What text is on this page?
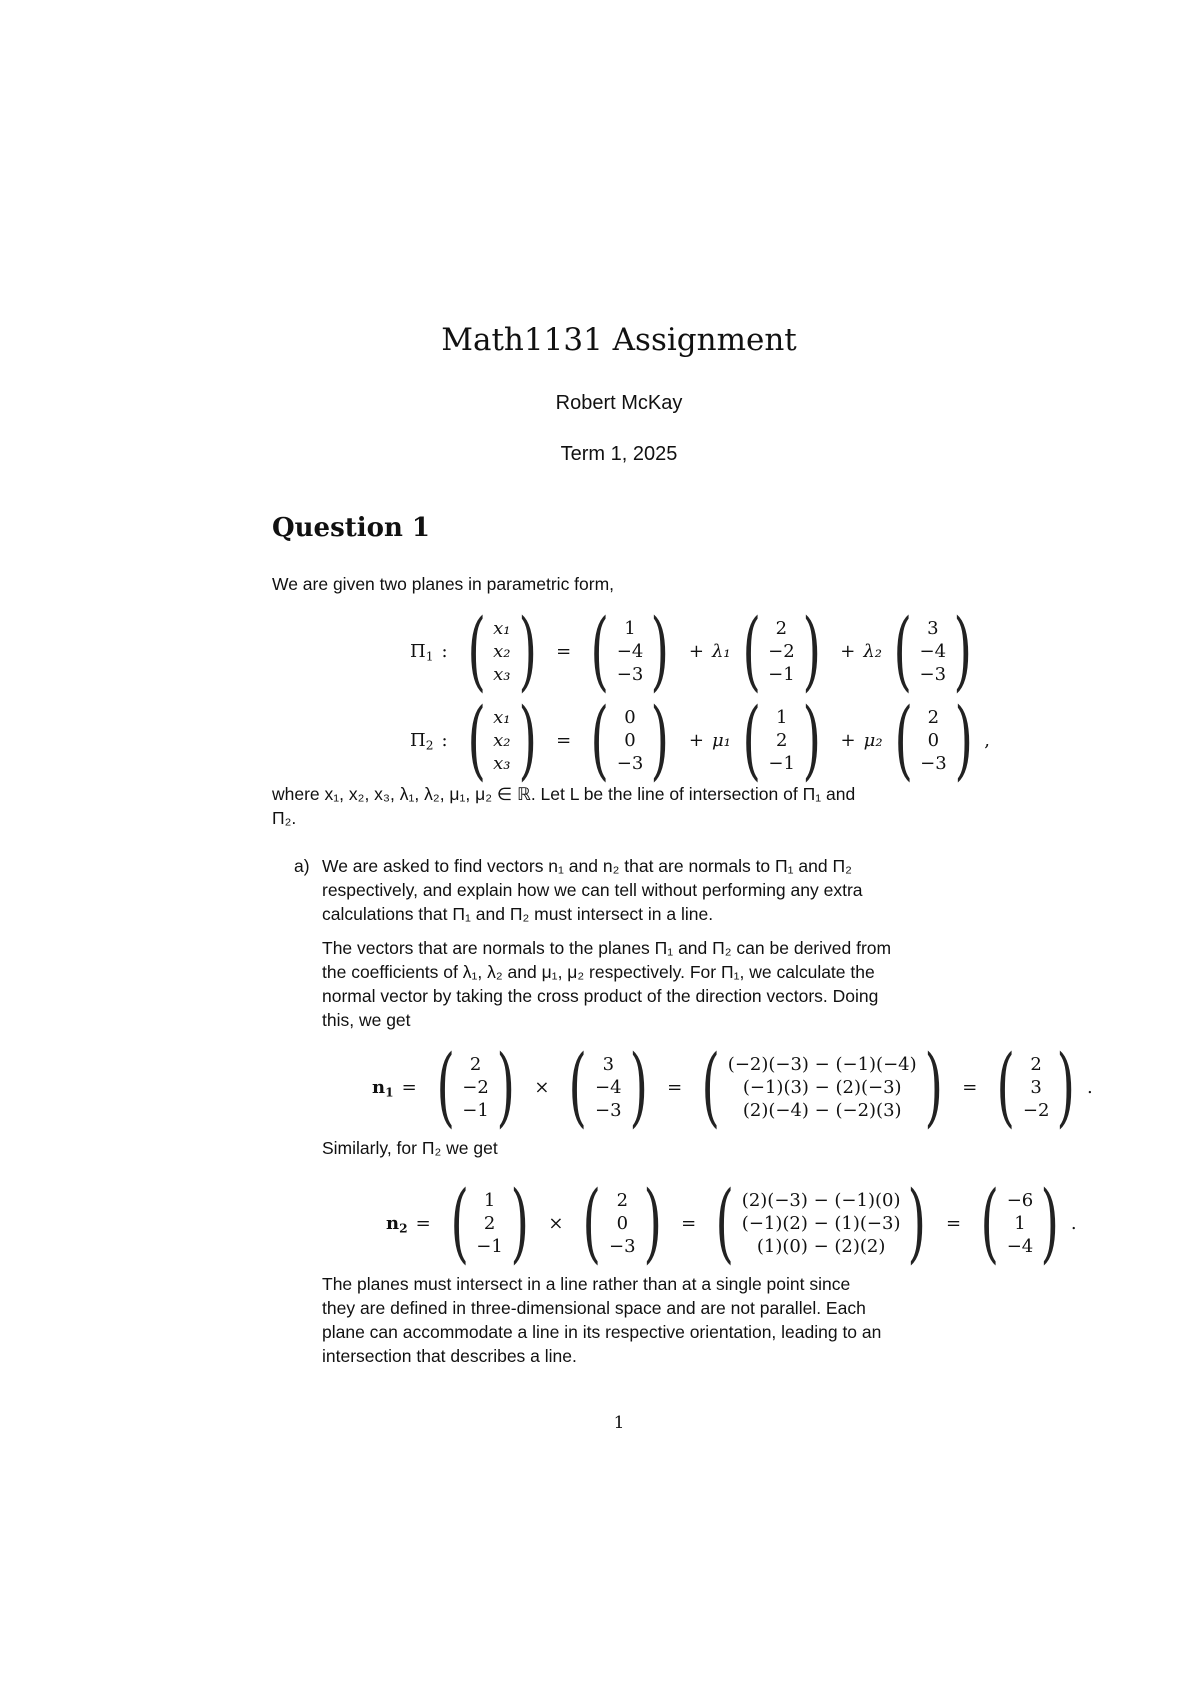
Math1131 Assignment
Robert McKay
Term 1, 2025
Question 1
We are given two planes in parametric form,
$\Pi_1$ : ( x₁
x₂
x₃ ) = ( 1
−4
−3 ) + λ₁ ( 2
−2
−1 ) + λ₂ ( 3
−4
−3 )
$\Pi_2$ : ( x₁
x₂
x₃ ) = ( 0
0
−3 ) + μ₁ ( 1
2
−1 ) + μ₂ ( 2
0
−3 ) ,
where x₁, x₂, x₃, λ₁, λ₂, μ₁, μ₂ ∈ ℝ. Let L be the line of intersection of Π₁ and
Π₂.
a) We are asked to find vectors n₁ and n₂ that are normals to Π₁ and Π₂
respectively, and explain how we can tell without performing any extra
calculations that Π₁ and Π₂ must intersect in a line.
The vectors that are normals to the planes Π₁ and Π₂ can be derived from
the coefficients of λ₁, λ₂ and μ₁, μ₂ respectively. For Π₁, we calculate the
normal vector by taking the cross product of the direction vectors. Doing
this, we get
$n_1$ = ( 2
−2
−1 ) × ( 3
−4
−3 ) = ( (−2)(−3) − (−1)(−4)
(−1)(3) − (2)(−3)
(2)(−4) − (−2)(3) ) = ( 2
3
−2 ) .
Similarly, for Π₂ we get
$n_2$ = ( 1
2
−1 ) × ( 2
0
−3 ) = ( (2)(−3) − (−1)(0)
(−1)(2) − (1)(−3)
(1)(0) − (2)(2) ) = ( −6
1
−4 ) .
The planes must intersect in a line rather than at a single point since
they are defined in three-dimensional space and are not parallel. Each
plane can accommodate a line in its respective orientation, leading to an
intersection that describes a line.
1
